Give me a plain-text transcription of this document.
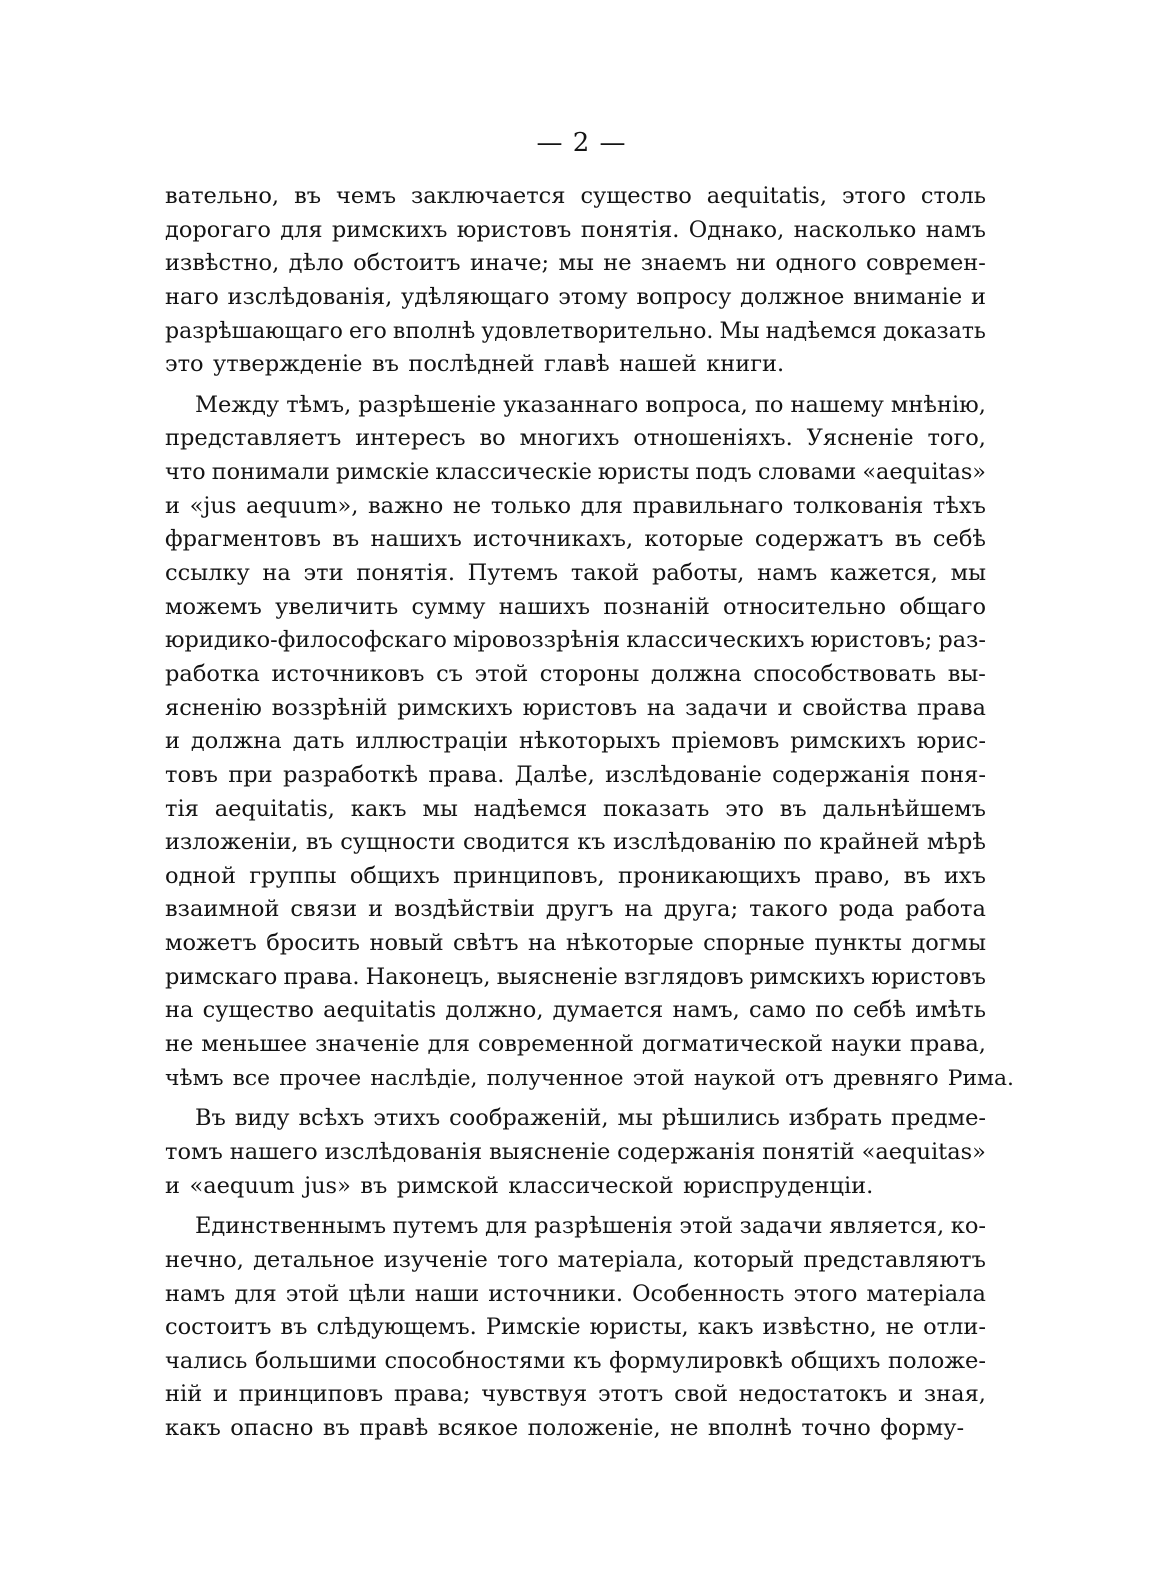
— 2 —
вательно, въ чемъ заключается существо aequitatis, этого столь
дорогаго для римскихъ юристовъ понятія. Однако, насколько намъ
извѣстно, дѣло обстоитъ иначе; мы не знаемъ ни одного современ-
наго изслѣдованія, удѣляющаго этому вопросу должное вниманіе и
разрѣшающаго его вполнѣ удовлетворительно. Мы надѣемся доказать
это утвержденіе въ послѣдней главѣ нашей книги.
Между тѣмъ, разрѣшеніе указаннаго вопроса, по нашему мнѣнію,
представляетъ интересъ во многихъ отношеніяхъ. Уясненіе того,
что понимали римскіе классическіе юристы подъ словами «aequitas»
и «jus aequum», важно не только для правильнаго толкованія тѣхъ
фрагментовъ въ нашихъ источникахъ, которые содержатъ въ себѣ
ссылку на эти понятія. Путемъ такой работы, намъ кажется, мы
можемъ увеличить сумму нашихъ познаній относительно общаго
юридико-философскаго міровоззрѣнія классическихъ юристовъ; раз-
работка источниковъ съ этой стороны должна способствовать вы-
ясненію воззрѣній римскихъ юристовъ на задачи и свойства права
и должна дать иллюстраціи нѣкоторыхъ пріемовъ римскихъ юрис-
товъ при разработкѣ права. Далѣе, изслѣдованіе содержанія поня-
тія aequitatis, какъ мы надѣемся показать это въ дальнѣйшемъ
изложеніи, въ сущности сводится къ изслѣдованію по крайней мѣрѣ
одной группы общихъ принциповъ, проникающихъ право, въ ихъ
взаимной связи и воздѣйствіи другъ на друга; такого рода работа
можетъ бросить новый свѣтъ на нѣкоторые спорные пункты догмы
римскаго права. Наконецъ, выясненіе взглядовъ римскихъ юристовъ
на существо aequitatis должно, думается намъ, само по себѣ имѣть
не меньшее значеніе для современной догматической науки права,
чѣмъ все прочее наслѣдіе, полученное этой наукой отъ древняго Рима.
Въ виду всѣхъ этихъ соображеній, мы рѣшились избрать предме-
томъ нашего изслѣдованія выясненіе содержанія понятій «aequitas»
и «aequum jus» въ римской классической юриспруденціи.
Единственнымъ путемъ для разрѣшенія этой задачи является, ко-
нечно, детальное изученіе того матеріала, который представляютъ
намъ для этой цѣли наши источники. Особенность этого матеріала
состоитъ въ слѣдующемъ. Римскіе юристы, какъ извѣстно, не отли-
чались большими способностями къ формулировкѣ общихъ положе-
ній и принциповъ права; чувствуя этотъ свой недостатокъ и зная,
какъ опасно въ правѣ всякое положеніе, не вполнѣ точно форму-
